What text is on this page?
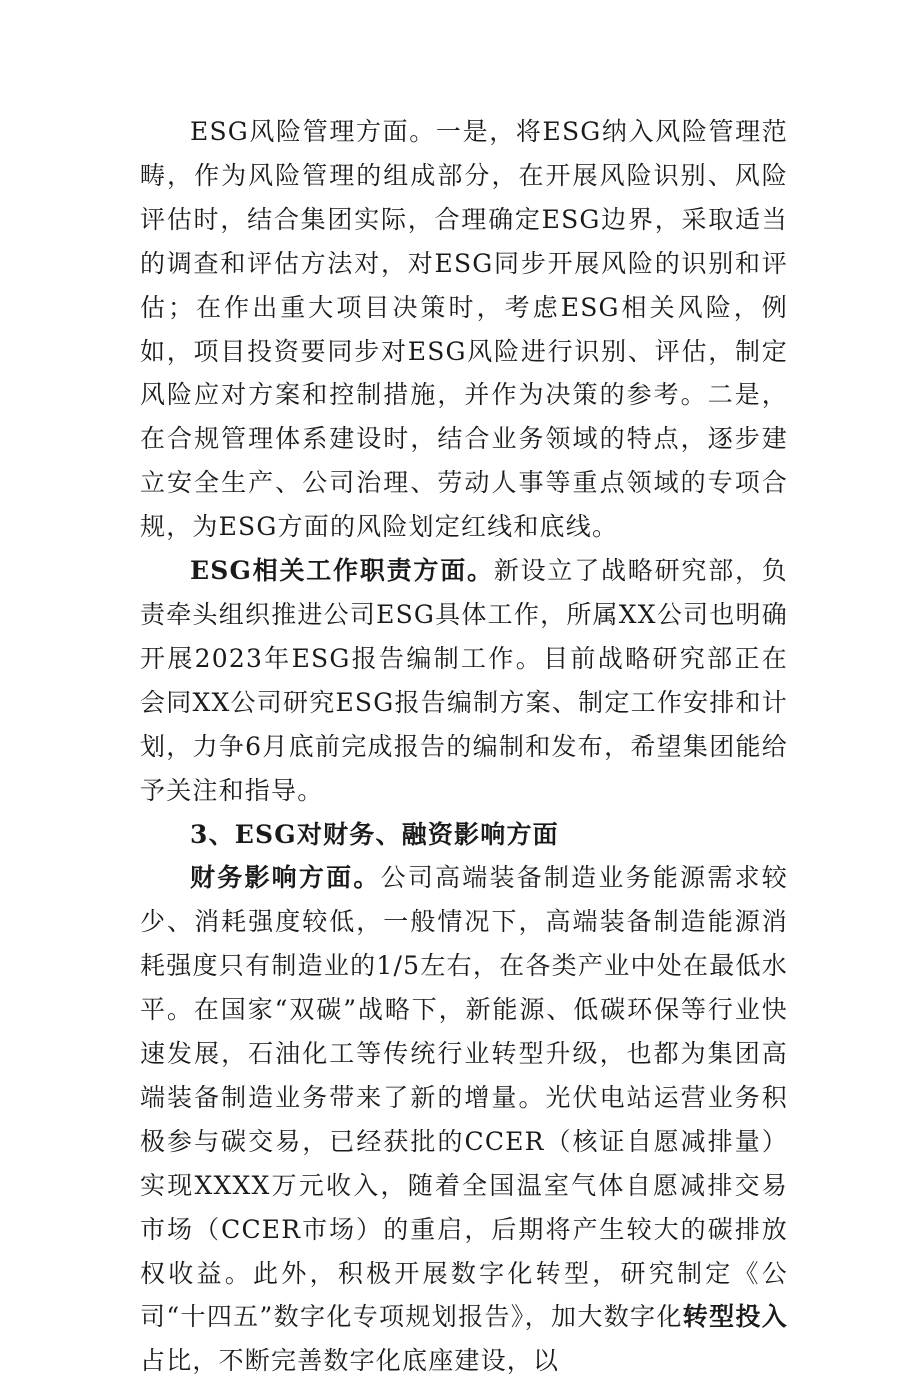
ESG风险管理方面。一是，将ESG纳入风险管理范畴，作为风险管理的组成部分，在开展风险识别、风险评估时，结合集团实际，合理确定ESG边界，采取适当的调查和评估方法对，对ESG同步开展风险的识别和评估；在作出重大项目决策时，考虑ESG相关风险，例如，项目投资要同步对ESG风险进行识别、评估，制定风险应对方案和控制措施，并作为决策的参考。二是，在合规管理体系建设时，结合业务领域的特点，逐步建立安全生产、公司治理、劳动人事等重点领域的专项合规，为ESG方面的风险划定红线和底线。

ESG相关工作职责方面。新设立了战略研究部，负责牵头组织推进公司ESG具体工作，所属XX公司也明确开展2023年ESG报告编制工作。目前战略研究部正在会同XX公司研究ESG报告编制方案、制定工作安排和计划，力争6月底前完成报告的编制和发布，希望集团能给予关注和指导。

3、ESG对财务、融资影响方面

财务影响方面。公司高端装备制造业务能源需求较少、消耗强度较低，一般情况下，高端装备制造能源消耗强度只有制造业的1/5左右，在各类产业中处在最低水平。在国家“双碳”战略下，新能源、低碳环保等行业快速发展，石油化工等传统行业转型升级，也都为集团高端装备制造业务带来了新的增量。光伏电站运营业务积极参与碳交易，已经获批的CCER（核证自愿减排量）实现XXXX万元收入，随着全国温室气体自愿减排交易市场（CCER市场）的重启，后期将产生较大的碳排放权收益。此外，积极开展数字化转型，研究制定《公司“十四五”数字化专项规划报告》，加大数字化转型投入占比，不断完善数字化底座建设，以
